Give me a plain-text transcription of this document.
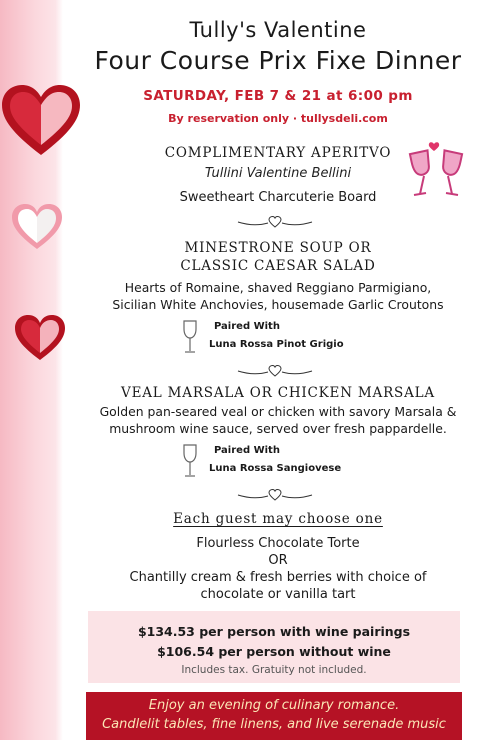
Tully's Valentine
Four Course Prix Fixe Dinner
SATURDAY, FEB 7 & 21 at 6:00 pm
By reservation only · tullysdeli.com
COMPLIMENTARY APERITVO
Tullini Valentine Bellini
Sweetheart Charcuterie Board
MINESTRONE SOUP OR
CLASSIC CAESAR SALAD
Hearts of Romaine, shaved Reggiano Parmigiano,
Sicilian White Anchovies, housemade Garlic Croutons
Paired With
Luna Rossa Pinot Grigio
VEAL MARSALA OR CHICKEN MARSALA
Golden pan-seared veal or chicken with savory Marsala &
mushroom wine sauce, served over fresh pappardelle.
Paired With
Luna Rossa Sangiovese
Each guest may choose one
Flourless Chocolate Torte
OR
Chantilly cream & fresh berries with choice of
chocolate or vanilla tart
$134.53 per person with wine pairings
$106.54 per person without wine
Includes tax. Gratuity not included.
Enjoy an evening of culinary romance.
Candlelit tables, fine linens, and live serenade music
